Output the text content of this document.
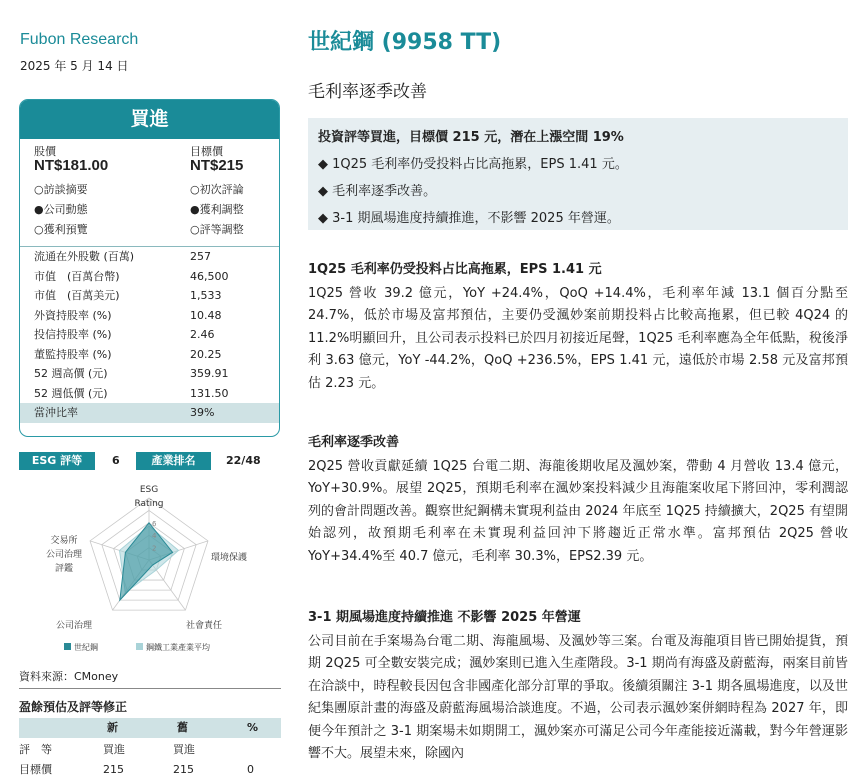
Fubon Research
2025 年 5 月 14 日
買進
股價
NT$181.00
目標價
NT$215
○訪談摘要	○初次評論
●公司動態	●獲利調整
○獲利預覽	○評等調整
流通在外股數 (百萬)	257
市值　(百萬台幣)	46,500
市值　(百萬美元)	1,533
外資持股率 (%)	10.48
投信持股率 (%)	2.46
董監持股率 (%)	20.25
52 週高價 (元)	359.91
52 週低價 (元)	131.50
當沖比率	39%
ESG 評等	6	產業排名	22/48
2
4
6
ESG
Rating
環境保護
社會責任
公司治理
交易所
公司治理
評鑑
世紀鋼	鋼鐵工業產業平均
資料來源：CMoney
盈餘預估及評等修正
新	舊	%
評　等	買進	買進
目標價	215	215	0
世紀鋼 (9958 TT)
毛利率逐季改善
投資評等買進，目標價 215 元，潛在上漲空間 19%
◆ 1Q25 毛利率仍受投料占比高拖累，EPS 1.41 元。
◆ 毛利率逐季改善。
◆ 3-1 期風場進度持續推進，不影響 2025 年營運。
1Q25 毛利率仍受投料占比高拖累，EPS 1.41 元
1Q25 營收 39.2 億元，YoY +24.4%，QoQ +14.4%，毛利率年減 13.1 個百分點至 24.7%，低於市場及富邦預估，主要仍受渢妙案前期投料占比較高拖累，但已較 4Q24 的 11.2%明顯回升，且公司表示投料已於四月初接近尾聲，1Q25 毛利率應為全年低點，稅後淨利 3.63 億元，YoY -44.2%，QoQ +236.5%，EPS 1.41 元，遠低於市場 2.58 元及富邦預估 2.23 元。
毛利率逐季改善
2Q25 營收貢獻延續 1Q25 台電二期、海龍後期收尾及渢妙案，帶動 4 月營收 13.4 億元，YoY+30.9%。展望 2Q25，預期毛利率在渢妙案投料減少且海龍案收尾下將回沖，零利潤認列的會計問題改善。觀察世紀鋼構未實現利益由 2024 年底至 1Q25 持續擴大，2Q25 有望開始認列，故預期毛利率在未實現利益回沖下將趨近正常水準。富邦預估 2Q25 營收 YoY+34.4%至 40.7 億元，毛利率 30.3%，EPS2.39 元。
3-1 期風場進度持續推進 不影響 2025 年營運
公司目前在手案場為台電二期、海龍風場、及渢妙等三案。台電及海龍項目皆已開始提貨，預期 2Q25 可全數安裝完成；渢妙案則已進入生產階段。3-1 期尚有海盛及蔚藍海，兩案目前皆在洽談中，時程較長因包含非國產化部分訂單的爭取。後續須關注 3-1 期各風場進度，以及世紀集團原計畫的海盛及蔚藍海風場洽談進度。不過，公司表示渢妙案併網時程為 2027 年，即便今年預計之 3-1 期案場未如期開工，渢妙案亦可滿足公司今年產能接近滿載，對今年營運影響不大。展望未來，除國內
